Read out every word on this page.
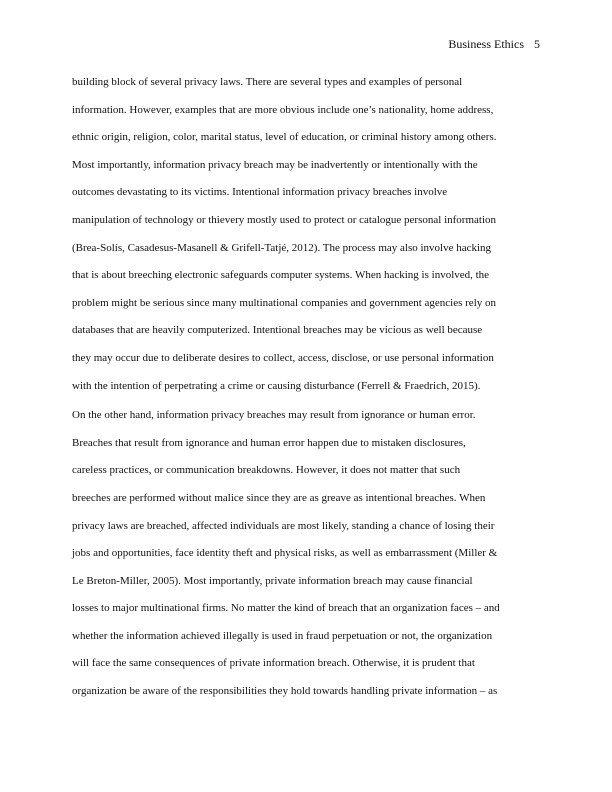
Business Ethics 5
building block of several privacy laws. There are several types and examples of personal
information. However, examples that are more obvious include one’s nationality, home address,
ethnic origin, religion, color, marital status, level of education, or criminal history among others.
Most importantly, information privacy breach may be inadvertently or intentionally with the
outcomes devastating to its victims. Intentional information privacy breaches involve
manipulation of technology or thievery mostly used to protect or catalogue personal information
(Brea-Solís, Casadesus-Masanell & Grifell-Tatjé, 2012). The process may also involve hacking
that is about breeching electronic safeguards computer systems. When hacking is involved, the
problem might be serious since many multinational companies and government agencies rely on
databases that are heavily computerized. Intentional breaches may be vicious as well because
they may occur due to deliberate desires to collect, access, disclose, or use personal information
with the intention of perpetrating a crime or causing disturbance (Ferrell & Fraedrich, 2015).
On the other hand, information privacy breaches may result from ignorance or human error.
Breaches that result from ignorance and human error happen due to mistaken disclosures,
careless practices, or communication breakdowns. However, it does not matter that such
breeches are performed without malice since they are as greave as intentional breaches. When
privacy laws are breached, affected individuals are most likely, standing a chance of losing their
jobs and opportunities, face identity theft and physical risks, as well as embarrassment (Miller &
Le Breton-Miller, 2005). Most importantly, private information breach may cause financial
losses to major multinational firms. No matter the kind of breach that an organization faces – and
whether the information achieved illegally is used in fraud perpetuation or not, the organization
will face the same consequences of private information breach. Otherwise, it is prudent that
organization be aware of the responsibilities they hold towards handling private information – as
